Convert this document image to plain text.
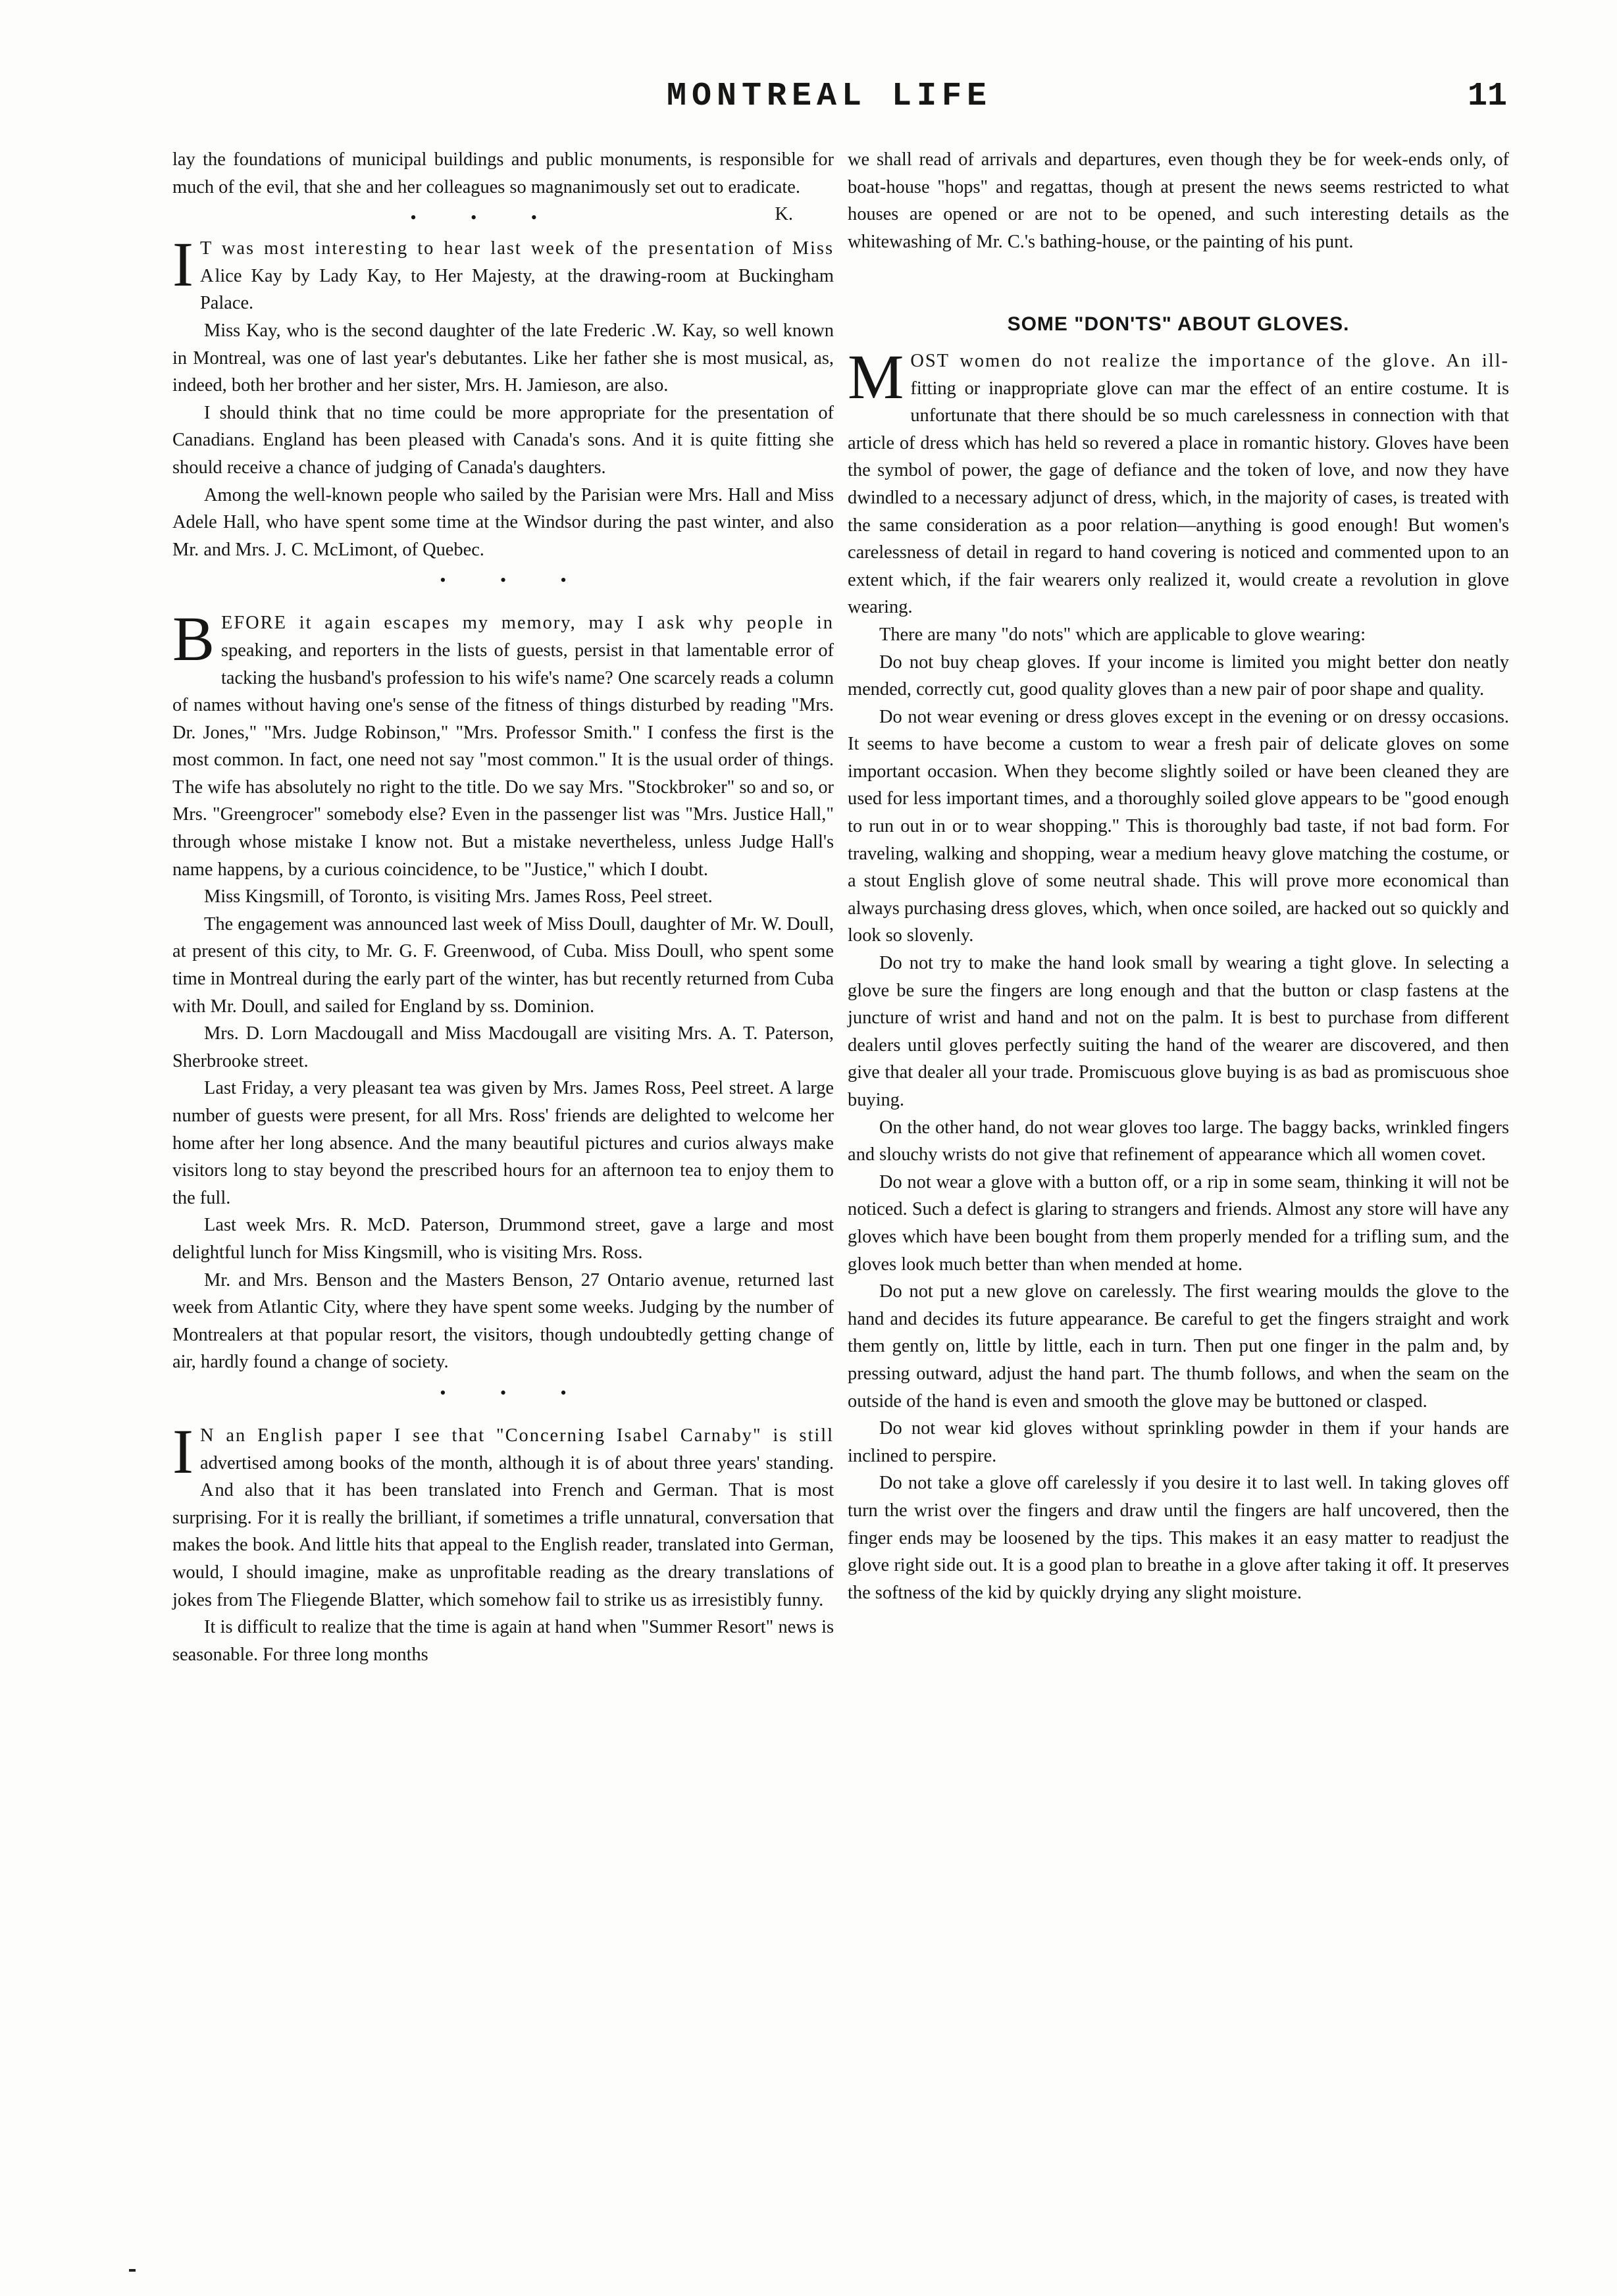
MONTREAL LIFE	11

lay the foundations of municipal buildings and public monuments, is responsible for much of the evil, that she and her colleagues so magnanimously set out to eradicate.
K.

• • •
I T was most interesting to hear last week of the presentation of Miss Alice Kay by Lady Kay, to Her Majesty, at the drawing-room at Buckingham Palace.

Miss Kay, who is the second daughter of the late Frederic .W. Kay, so well known in Montreal, was one of last year's debutantes. Like her father she is most musical, as, indeed, both her brother and her sister, Mrs. H. Jamieson, are also.

I should think that no time could be more appropriate for the presentation of Canadians. England has been pleased with Canada's sons. And it is quite fitting she should receive a chance of judging of Canada's daughters.

Among the well-known people who sailed by the Parisian were Mrs. Hall and Miss Adele Hall, who have spent some time at the Windsor during the past winter, and also Mr. and Mrs. J. C. McLimont, of Quebec.

• • •
B EFORE it again escapes my memory, may I ask why people in speaking, and reporters in the lists of guests, persist in that lamentable error of tacking the husband's profession to his wife's name? One scarcely reads a column of names without having one's sense of the fitness of things disturbed by reading "Mrs. Dr. Jones," "Mrs. Judge Robinson," "Mrs. Professor Smith." I confess the first is the most common. In fact, one need not say "most common." It is the usual order of things. The wife has absolutely no right to the title. Do we say Mrs. "Stockbroker" so and so, or Mrs. "Greengrocer" somebody else? Even in the passenger list was "Mrs. Justice Hall," through whose mistake I know not. But a mistake nevertheless, unless Judge Hall's name happens, by a curious coincidence, to be "Justice," which I doubt.

Miss Kingsmill, of Toronto, is visiting Mrs. James Ross, Peel street.

The engagement was announced last week of Miss Doull, daughter of Mr. W. Doull, at present of this city, to Mr. G. F. Greenwood, of Cuba. Miss Doull, who spent some time in Montreal during the early part of the winter, has but recently returned from Cuba with Mr. Doull, and sailed for England by ss. Dominion.

Mrs. D. Lorn Macdougall and Miss Macdougall are visiting Mrs. A. T. Paterson, Sherbrooke street.

Last Friday, a very pleasant tea was given by Mrs. James Ross, Peel street. A large number of guests were present, for all Mrs. Ross' friends are delighted to welcome her home after her long absence. And the many beautiful pictures and curios always make visitors long to stay beyond the prescribed hours for an afternoon tea to enjoy them to the full.

Last week Mrs. R. McD. Paterson, Drummond street, gave a large and most delightful lunch for Miss Kingsmill, who is visiting Mrs. Ross.

Mr. and Mrs. Benson and the Masters Benson, 27 Ontario avenue, returned last week from Atlantic City, where they have spent some weeks. Judging by the number of Montrealers at that popular resort, the visitors, though undoubtedly getting change of air, hardly found a change of society.

• • •
I N an English paper I see that "Concerning Isabel Carnaby" is still advertised among books of the month, although it is of about three years' standing. And also that it has been translated into French and German. That is most surprising. For it is really the brilliant, if sometimes a trifle unnatural, conversation that makes the book. And little hits that appeal to the English reader, translated into German, would, I should imagine, make as unprofitable reading as the dreary translations of jokes from The Fliegende Blatter, which somehow fail to strike us as irresistibly funny.

It is difficult to realize that the time is again at hand when "Summer Resort" news is seasonable. For three long months

we shall read of arrivals and departures, even though they be for week-ends only, of boat-house "hops" and regattas, though at present the news seems restricted to what houses are opened or are not to be opened, and such interesting details as the whitewashing of Mr. C.'s bathing-house, or the painting of his punt.

SOME "DON'TS" ABOUT GLOVES.
M OST women do not realize the importance of the glove. An ill-fitting or inappropriate glove can mar the effect of an entire costume. It is unfortunate that there should be so much carelessness in connection with that article of dress which has held so revered a place in romantic history. Gloves have been the symbol of power, the gage of defiance and the token of love, and now they have dwindled to a necessary adjunct of dress, which, in the majority of cases, is treated with the same consideration as a poor relation—anything is good enough! But women's carelessness of detail in regard to hand covering is noticed and commented upon to an extent which, if the fair wearers only realized it, would create a revolution in glove wearing.

There are many "do nots" which are applicable to glove wearing:

Do not buy cheap gloves. If your income is limited you might better don neatly mended, correctly cut, good quality gloves than a new pair of poor shape and quality.

Do not wear evening or dress gloves except in the evening or on dressy occasions. It seems to have become a custom to wear a fresh pair of delicate gloves on some important occasion. When they become slightly soiled or have been cleaned they are used for less important times, and a thoroughly soiled glove appears to be "good enough to run out in or to wear shopping." This is thoroughly bad taste, if not bad form. For traveling, walking and shopping, wear a medium heavy glove matching the costume, or a stout English glove of some neutral shade. This will prove more economical than always purchasing dress gloves, which, when once soiled, are hacked out so quickly and look so slovenly.

Do not try to make the hand look small by wearing a tight glove. In selecting a glove be sure the fingers are long enough and that the button or clasp fastens at the juncture of wrist and hand and not on the palm. It is best to purchase from different dealers until gloves perfectly suiting the hand of the wearer are discovered, and then give that dealer all your trade. Promiscuous glove buying is as bad as promiscuous shoe buying.

On the other hand, do not wear gloves too large. The baggy backs, wrinkled fingers and slouchy wrists do not give that refinement of appearance which all women covet.

Do not wear a glove with a button off, or a rip in some seam, thinking it will not be noticed. Such a defect is glaring to strangers and friends. Almost any store will have any gloves which have been bought from them properly mended for a trifling sum, and the gloves look much better than when mended at home.

Do not put a new glove on carelessly. The first wearing moulds the glove to the hand and decides its future appearance. Be careful to get the fingers straight and work them gently on, little by little, each in turn. Then put one finger in the palm and, by pressing outward, adjust the hand part. The thumb follows, and when the seam on the outside of the hand is even and smooth the glove may be buttoned or clasped.

Do not wear kid gloves without sprinkling powder in them if your hands are inclined to perspire.

Do not take a glove off carelessly if you desire it to last well. In taking gloves off turn the wrist over the fingers and draw until the fingers are half uncovered, then the finger ends may be loosened by the tips. This makes it an easy matter to readjust the glove right side out. It is a good plan to breathe in a glove after taking it off. It preserves the softness of the kid by quickly drying any slight moisture.
